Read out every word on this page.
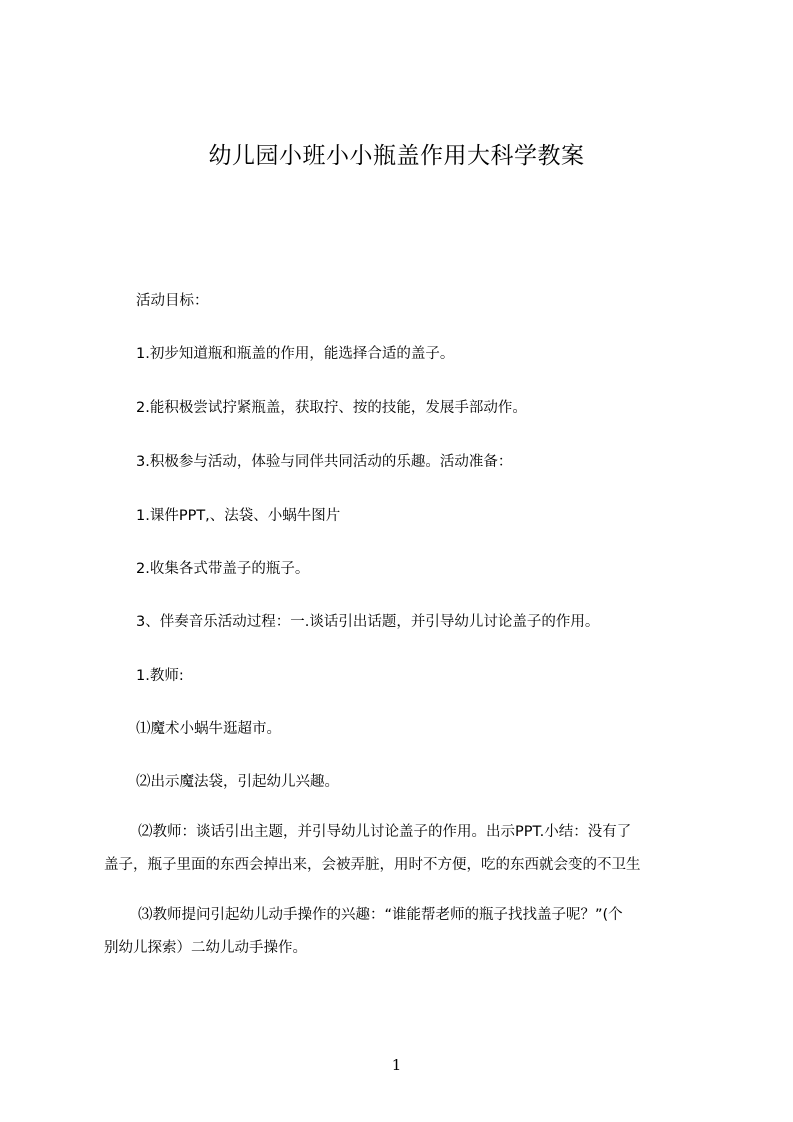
幼儿园小班小小瓶盖作用大科学教案

活动目标：

1.初步知道瓶和瓶盖的作用，能选择合适的盖子。

2.能积极尝试拧紧瓶盖，获取拧、按的技能，发展手部动作。

3.积极参与活动，体验与同伴共同活动的乐趣。活动准备：

1.课件PPT,、法袋、小蜗牛图片

2.收集各式带盖子的瓶子。

3、伴奏音乐活动过程：一.谈话引出话题，并引导幼儿讨论盖子的作用。

1.教师:

⑴魔术小蜗牛逛超市。

⑵出示魔法袋，引起幼儿兴趣。

⑵教师：谈话引出主题，并引导幼儿讨论盖子的作用。出示PPT.小结：没有了
盖子，瓶子里面的东西会掉出来，会被弄脏，用时不方便，吃的东西就会变的不卫生
⑶教师提问引起幼儿动手操作的兴趣：“谁能帮老师的瓶子找找盖子呢？”(个
别幼儿探索）二幼儿动手操作。
1
